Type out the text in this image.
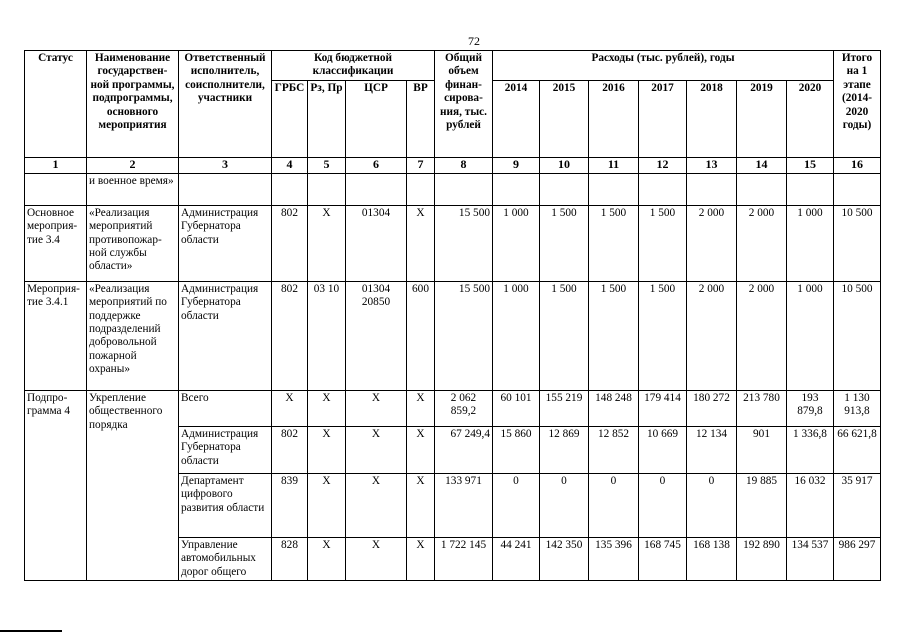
72
Статус	Наименование государствен-ной программы, подпрограммы, основного мероприятия	Ответственный исполнитель, соисполнители, участники	Код бюджетной классификации				Общий объем финан-сирова-ния, тыс. рублей	Расходы (тыс. рублей), годы							Итого на 1 этапе (2014-2020 годы)
			ГРБС	Рз, Пр	ЦСР	ВР		2014	2015	2016	2017	2018	2019	2020	
1	2	3	4	5	6	7	8	9	10	11	12	13	14	15	16
	и военное время»														
Основное мероприя-тие 3.4	«Реализация мероприятий противопожар-ной службы области»	Администрация Губернатора области	802	Х	01304	Х	15 500	1 000	1 500	1 500	1 500	2 000	2 000	1 000	10 500
Мероприя-тие 3.4.1	«Реализация мероприятий по поддержке подразделений добровольной пожарной охраны»	Администрация Губернатора области	802	03 10	01304 20850	600	15 500	1 000	1 500	1 500	1 500	2 000	2 000	1 000	10 500
Подпро-грамма 4	Укрепление общественного порядка	Всего	Х	Х	Х	Х	2 062 859,2	60 101	155 219	148 248	179 414	180 272	213 780	193 879,8	1 130 913,8
		Администрация Губернатора области	802	Х	Х	Х	67 249,4	15 860	12 869	12 852	10 669	12 134	901	1 336,8	66 621,8
		Департамент цифрового развития области	839	Х	Х	Х	133 971	0	0	0	0	0	19 885	16 032	35 917
		Управление автомобильных дорог общего	828	Х	Х	Х	1 722 145	44 241	142 350	135 396	168 745	168 138	192 890	134 537	986 297
